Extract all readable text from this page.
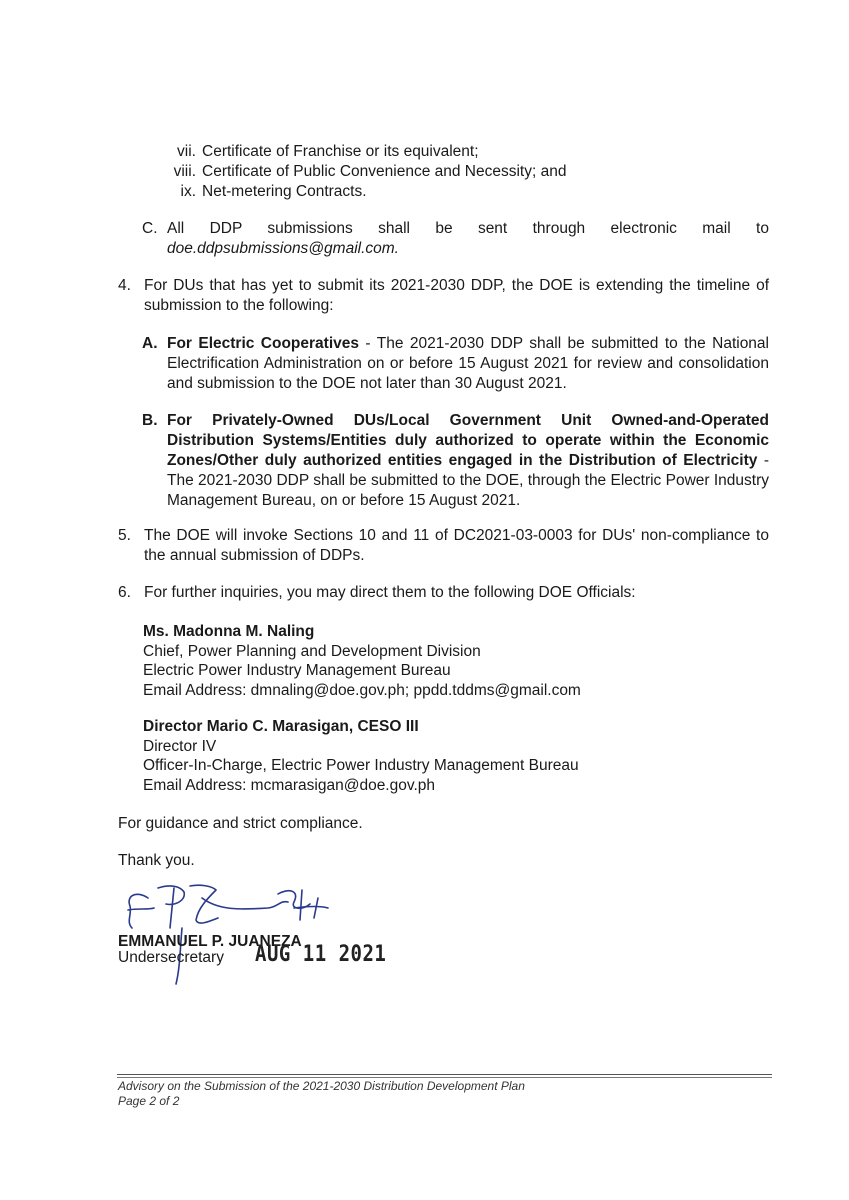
vii. Certificate of Franchise or its equivalent;
viii. Certificate of Public Convenience and Necessity; and
ix. Net-metering Contracts.
C. All DDP submissions shall be sent through electronic mail to
doe.ddpsubmissions@gmail.com.
4. For DUs that has yet to submit its 2021-2030 DDP, the DOE is extending the timeline of submission to the following:
A. For Electric Cooperatives - The 2021-2030 DDP shall be submitted to the National Electrification Administration on or before 15 August 2021 for review and consolidation and submission to the DOE not later than 30 August 2021.
B. For Privately-Owned DUs/Local Government Unit Owned-and-Operated Distribution Systems/Entities duly authorized to operate within the Economic Zones/Other duly authorized entities engaged in the Distribution of Electricity - The 2021-2030 DDP shall be submitted to the DOE, through the Electric Power Industry Management Bureau, on or before 15 August 2021.
5. The DOE will invoke Sections 10 and 11 of DC2021-03-0003 for DUs' non-compliance to the annual submission of DDPs.
6. For further inquiries, you may direct them to the following DOE Officials:
Ms. Madonna M. Naling
Chief, Power Planning and Development Division
Electric Power Industry Management Bureau
Email Address: dmnaling@doe.gov.ph; ppdd.tddms@gmail.com
Director Mario C. Marasigan, CESO III
Director IV
Officer-In-Charge, Electric Power Industry Management Bureau
Email Address: mcmarasigan@doe.gov.ph
For guidance and strict compliance.
Thank you.
EMMANUEL P. JUANEZA
Undersecretary AUG 11 2021
Advisory on the Submission of the 2021-2030 Distribution Development Plan
Page 2 of 2
